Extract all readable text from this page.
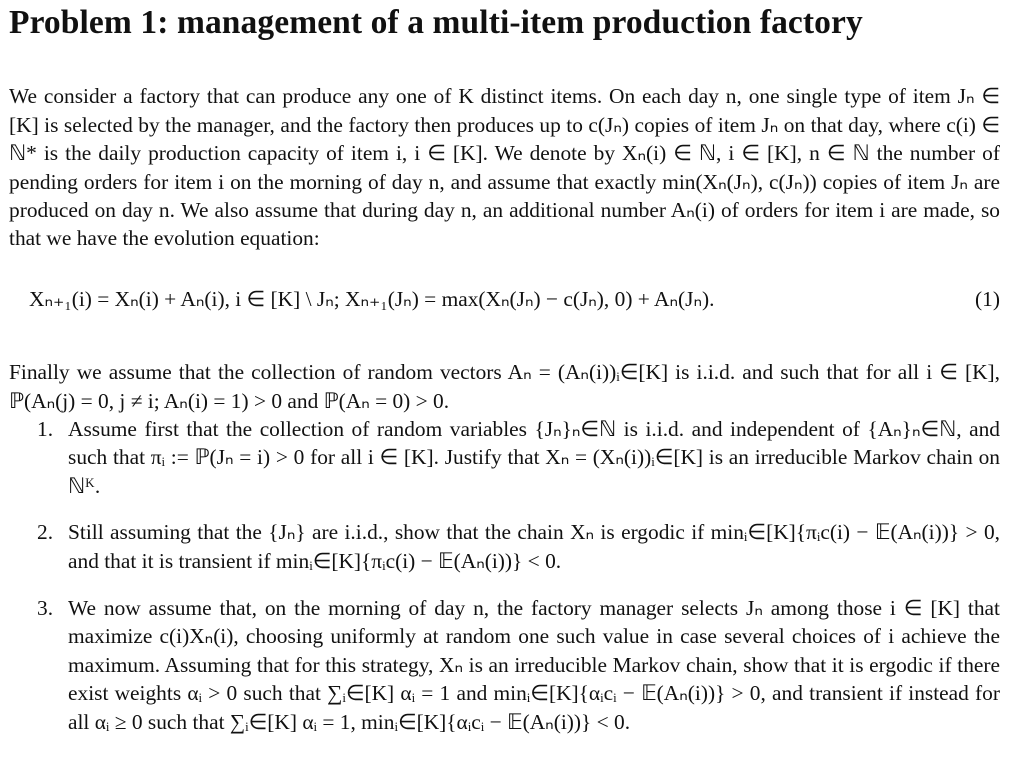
Problem 1: management of a multi-item production factory

We consider a factory that can produce any one of K distinct items. On each day n, one single type of item Jₙ ∈ [K] is selected by the manager, and the factory then produces up to c(Jₙ) copies of item Jₙ on that day, where c(i) ∈ ℕ* is the daily production capacity of item i, i ∈ [K]. We denote by Xₙ(i) ∈ ℕ, i ∈ [K], n ∈ ℕ the number of pending orders for item i on the morning of day n, and assume that exactly min(Xₙ(Jₙ), c(Jₙ)) copies of item Jₙ are produced on day n. We also assume that during day n, an additional number Aₙ(i) of orders for item i are made, so that we have the evolution equation:

Xₙ₊₁(i) = Xₙ(i) + Aₙ(i), i ∈ [K] \ Jₙ; Xₙ₊₁(Jₙ) = max(Xₙ(Jₙ) − c(Jₙ), 0) + Aₙ(Jₙ).	(1)

Finally we assume that the collection of random vectors Aₙ = (Aₙ(i))ᵢ∈[K] is i.i.d. and such that for all i ∈ [K], ℙ(Aₙ(j) = 0, j ≠ i; Aₙ(i) = 1) > 0 and ℙ(Aₙ = 0) > 0.

1. Assume first that the collection of random variables {Jₙ}ₙ∈ℕ is i.i.d. and independent of {Aₙ}ₙ∈ℕ, and such that πᵢ := ℙ(Jₙ = i) > 0 for all i ∈ [K]. Justify that Xₙ = (Xₙ(i))ᵢ∈[K] is an irreducible Markov chain on ℕᴷ.
2. Still assuming that the {Jₙ} are i.i.d., show that the chain Xₙ is ergodic if minᵢ∈[K]{πᵢc(i) − 𝔼(Aₙ(i))} > 0, and that it is transient if minᵢ∈[K]{πᵢc(i) − 𝔼(Aₙ(i))} < 0.
3. We now assume that, on the morning of day n, the factory manager selects Jₙ among those i ∈ [K] that maximize c(i)Xₙ(i), choosing uniformly at random one such value in case several choices of i achieve the maximum. Assuming that for this strategy, Xₙ is an irreducible Markov chain, show that it is ergodic if there exist weights αᵢ > 0 such that ∑ᵢ∈[K] αᵢ = 1 and minᵢ∈[K]{αᵢcᵢ − 𝔼(Aₙ(i))} > 0, and transient if instead for all αᵢ ≥ 0 such that ∑ᵢ∈[K] αᵢ = 1, minᵢ∈[K]{αᵢcᵢ − 𝔼(Aₙ(i))} < 0.
